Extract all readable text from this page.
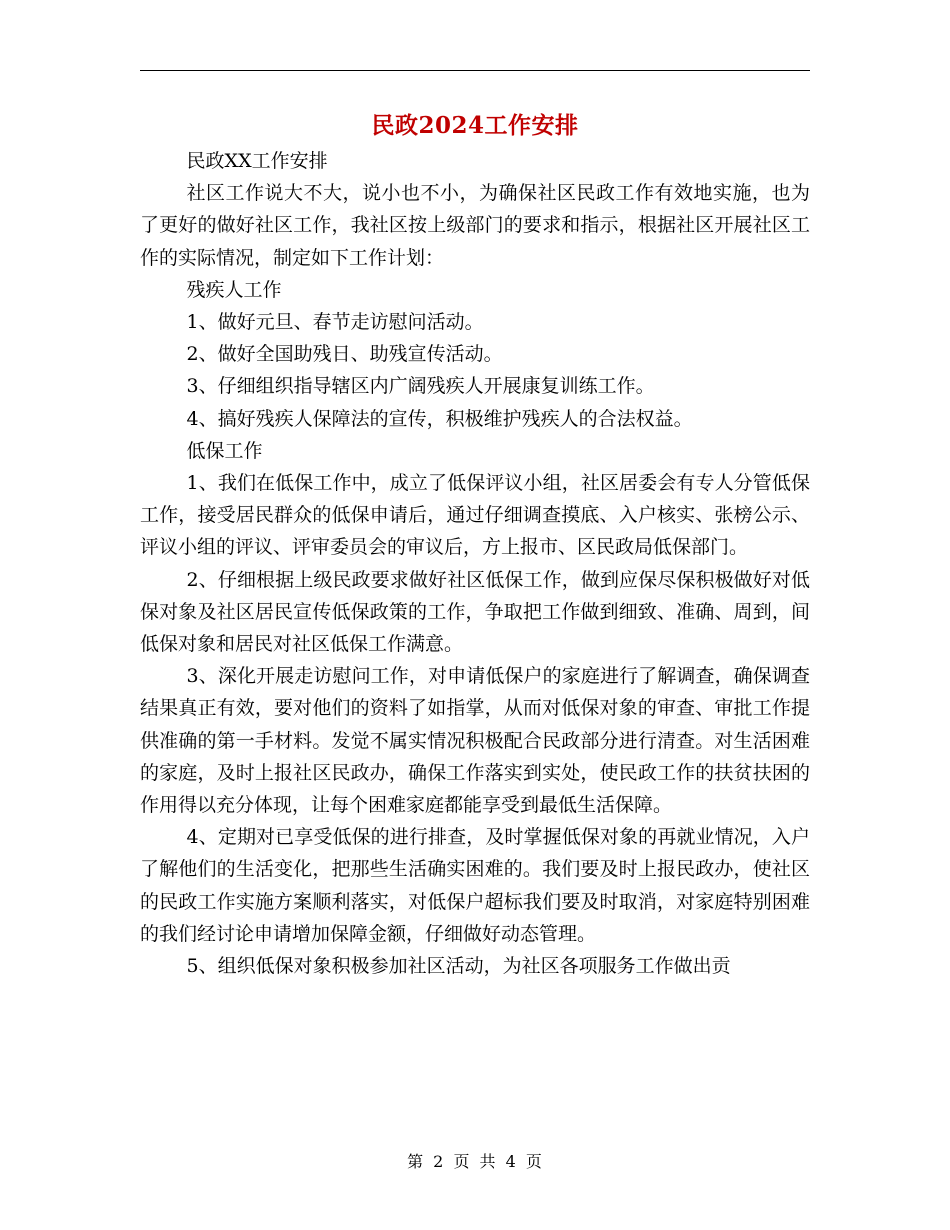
民政2024工作安排

民政XX工作安排

社区工作说大不大，说小也不小，为确保社区民政工作有效地实施，也为了更好的做好社区工作，我社区按上级部门的要求和指示，根据社区开展社区工作的实际情况，制定如下工作计划：

残疾人工作

1、做好元旦、春节走访慰问活动。

2、做好全国助残日、助残宣传活动。

3、仔细组织指导辖区内广阔残疾人开展康复训练工作。

4、搞好残疾人保障法的宣传，积极维护残疾人的合法权益。

低保工作

1、我们在低保工作中，成立了低保评议小组，社区居委会有专人分管低保工作，接受居民群众的低保申请后，通过仔细调查摸底、入户核实、张榜公示、评议小组的评议、评审委员会的审议后，方上报市、区民政局低保部门。

2、仔细根据上级民政要求做好社区低保工作，做到应保尽保积极做好对低保对象及社区居民宣传低保政策的工作，争取把工作做到细致、准确、周到，间低保对象和居民对社区低保工作满意。

3、深化开展走访慰问工作，对申请低保户的家庭进行了解调查，确保调查结果真正有效，要对他们的资料了如指掌，从而对低保对象的审查、审批工作提供准确的第一手材料。发觉不属实情况积极配合民政部分进行清查。对生活困难的家庭，及时上报社区民政办，确保工作落实到实处，使民政工作的扶贫扶困的作用得以充分体现，让每个困难家庭都能享受到最低生活保障。

4、定期对已享受低保的进行排查，及时掌握低保对象的再就业情况，入户了解他们的生活变化，把那些生活确实困难的。我们要及时上报民政办，使社区的民政工作实施方案顺利落实，对低保户超标我们要及时取消，对家庭特别困难的我们经讨论申请增加保障金额，仔细做好动态管理。

5、组织低保对象积极参加社区活动，为社区各项服务工作做出贡

第 2 页 共 4 页
